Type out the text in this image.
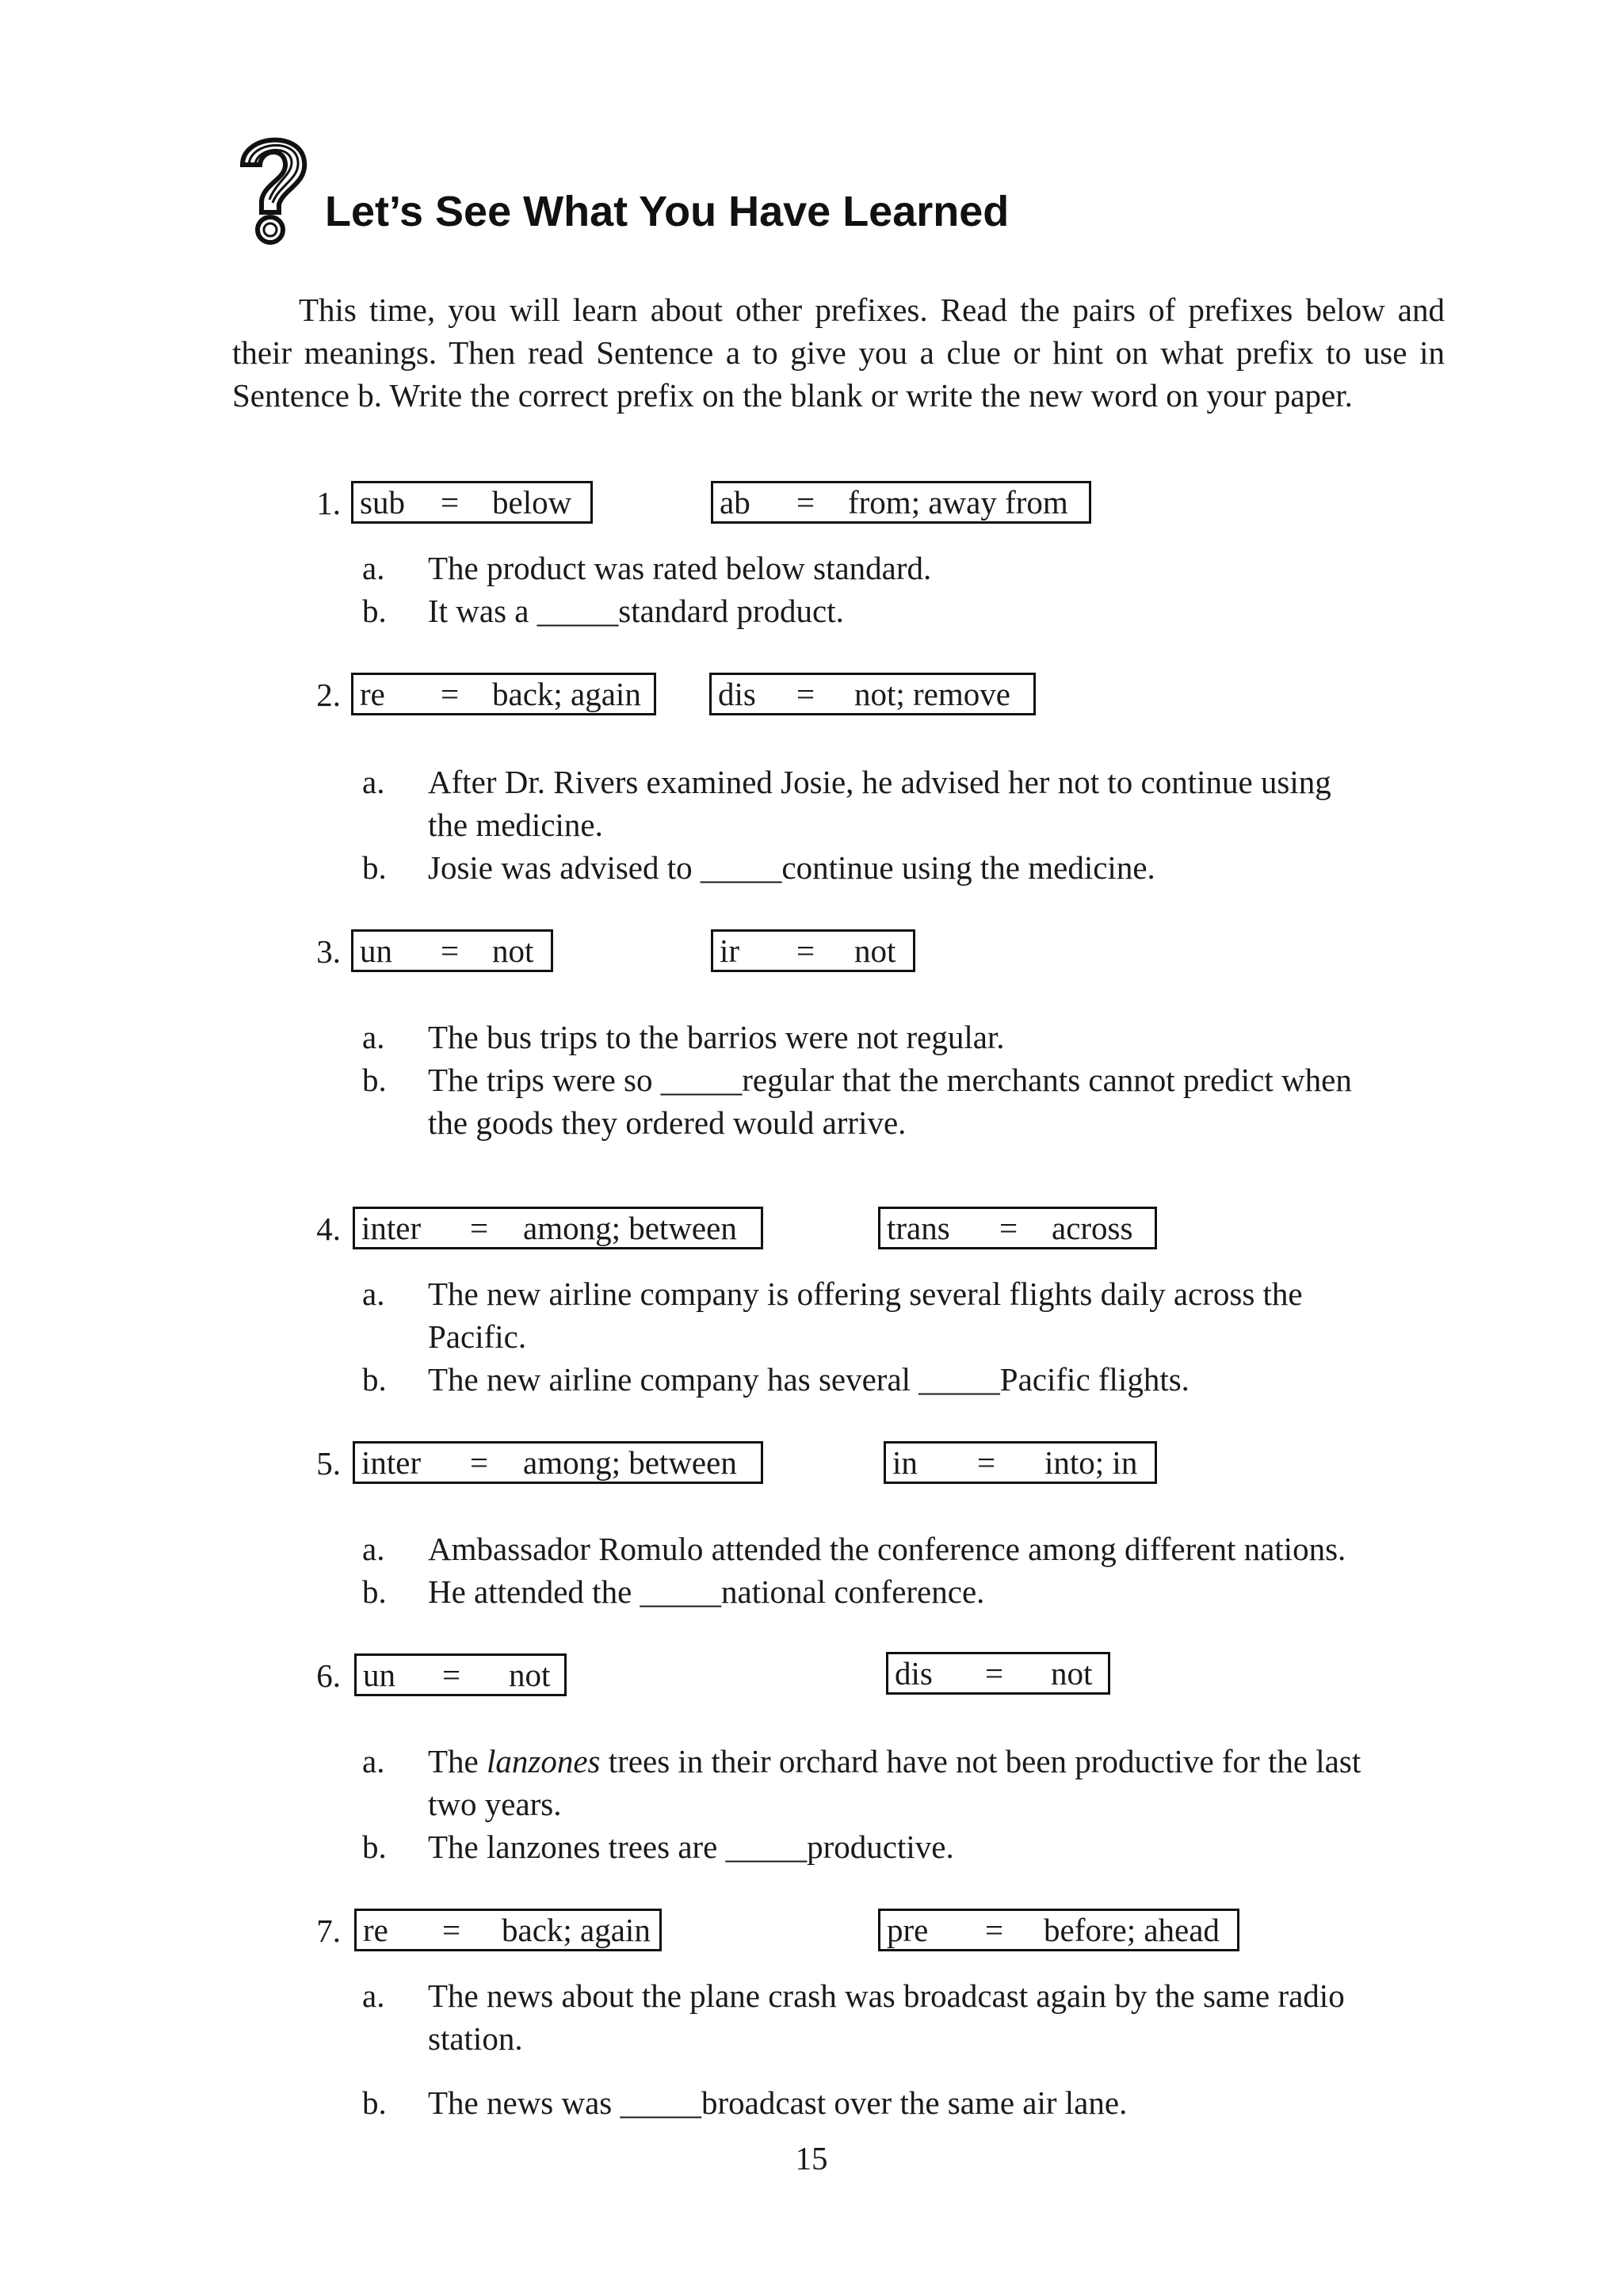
Let’s See What You Have Learned

This time, you will learn about other prefixes. Read the pairs of prefixes below and their meanings. Then read Sentence a to give you a clue or hint on what prefix to use in Sentence b. Write the correct prefix on the blank or write the new word on your paper.

1. sub = below	ab = from; away from
a. The product was rated below standard.
b. It was a _____standard product.
2. re = back; again dis = not; remove
a. After Dr. Rivers examined Josie, he advised her not to continue using
the medicine.
b. Josie was advised to _____continue using the medicine.
3. un = not	ir = not
a. The bus trips to the barrios were not regular.
b. The trips were so _____regular that the merchants cannot predict when
the goods they ordered would arrive.
4. inter = among; between	trans = across
a. The new airline company is offering several flights daily across the
Pacific.
b. The new airline company has several _____Pacific flights.
5. inter = among; between	in = into; in
a. Ambassador Romulo attended the conference among different nations.
b. He attended the _____national conference.
6. un = not	dis = not
a. The lanzones trees in their orchard have not been productive for the last
two years.
b. The lanzones trees are _____productive.
7. re = back; again	pre = before; ahead
a. The news about the plane crash was broadcast again by the same radio
station.
b. The news was _____broadcast over the same air lane.
15
